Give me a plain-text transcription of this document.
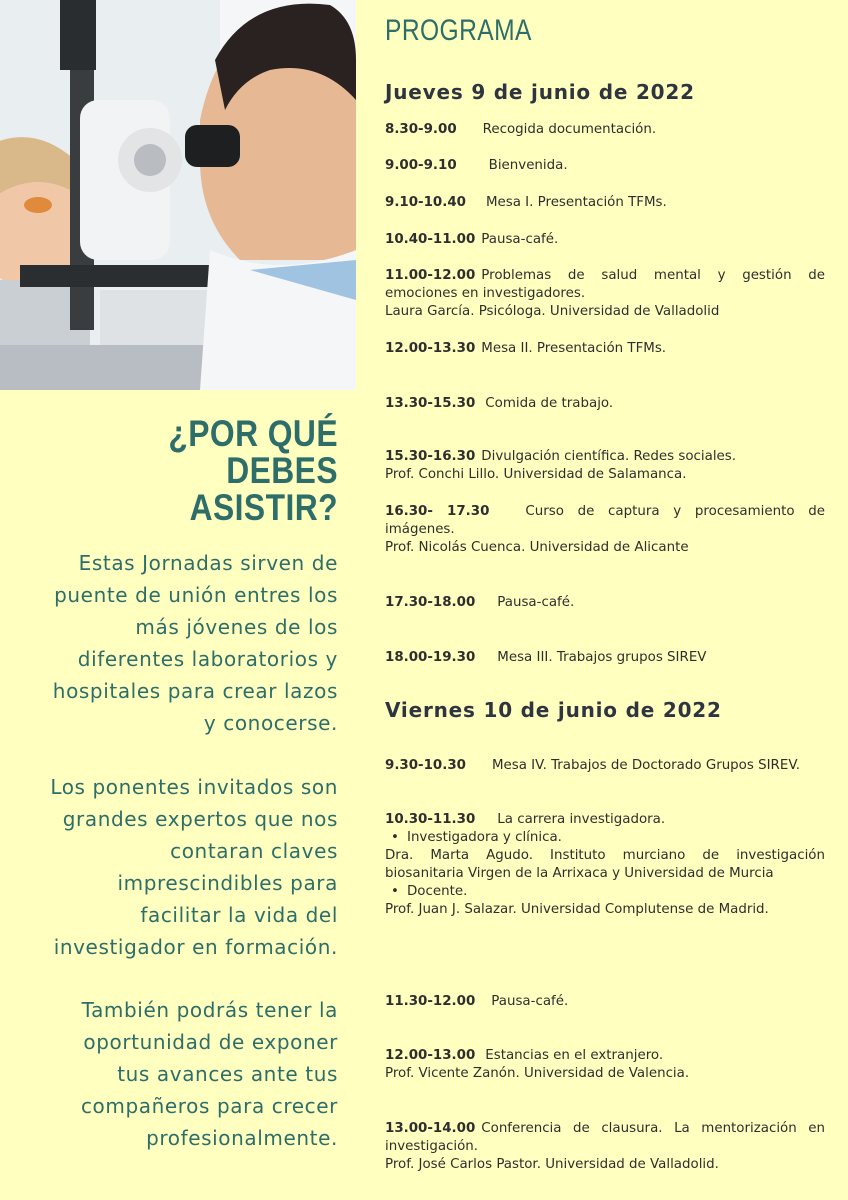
¿POR QUÉ DEBES
ASISTIR?
Estas Jornadas sirven de
puente de unión entres los
más jóvenes de los
diferentes laboratorios y
hospitales para crear lazos
y conocerse.
Los ponentes invitados son
grandes expertos que nos
contaran claves
imprescindibles para
facilitar la vida del
investigador en formación.
También podrás tener la
oportunidad de exponer
tus avances ante tus
compañeros para crecer
profesionalmente.
PROGRAMA
Jueves 9 de junio de 2022
8.30-9.00 Recogida documentación.
9.00-9.10 Bienvenida.
9.10-10.40 Mesa I. Presentación TFMs.
10.40-11.00 Pausa-café.
11.00-12.00 Problemas de salud mental y gestión de emociones en investigadores.
Laura García. Psicóloga. Universidad de Valladolid
12.00-13.30 Mesa II. Presentación TFMs.
13.30-15.30 Comida de trabajo.
15.30-16.30 Divulgación científica. Redes sociales.
Prof. Conchi Lillo. Universidad de Salamanca.
16.30- 17.30	Curso de captura y procesamiento de imágenes.
Prof. Nicolás Cuenca. Universidad de Alicante
17.30-18.00 Pausa-café.
18.00-19.30 Mesa III. Trabajos grupos SIREV
Viernes 10 de junio de 2022
9.30-10.30 Mesa IV. Trabajos de Doctorado Grupos SIREV.
10.30-11.30 La carrera investigadora.
• Investigadora y clínica.
Dra. Marta Agudo. Instituto murciano de investigación biosanitaria Virgen de la Arrixaca y Universidad de Murcia
• Docente.
Prof. Juan J. Salazar. Universidad Complutense de Madrid.
11.30-12.00 Pausa-café.
12.00-13.00 Estancias en el extranjero.
Prof. Vicente Zanón. Universidad de Valencia.
13.00-14.00 Conferencia de clausura. La mentorización en investigación.
Prof. José Carlos Pastor. Universidad de Valladolid.
